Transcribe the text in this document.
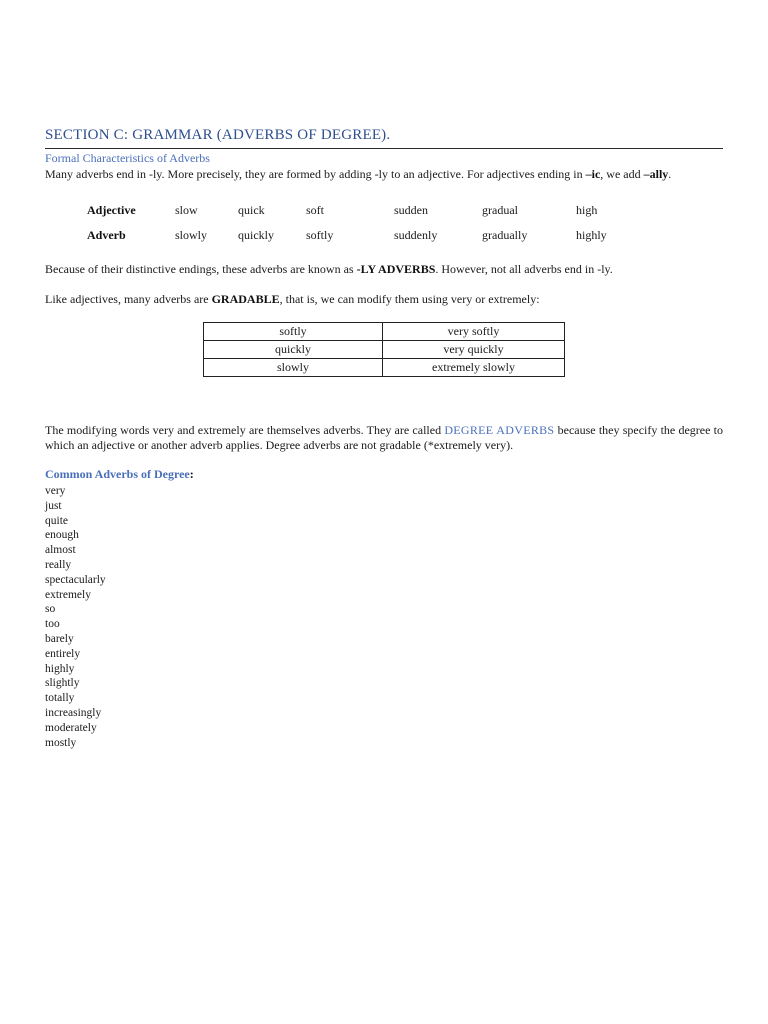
SECTION C: GRAMMAR (ADVERBS OF DEGREE).
Formal Characteristics of Adverbs
Many adverbs end in -ly. More precisely, they are formed by adding -ly to an adjective. For adjectives ending in –ic, we add –ally.
Adjective	slow	quick	soft	sudden	gradual	high
Adverb	slowly	quickly	softly	suddenly	gradually	highly
Because of their distinctive endings, these adverbs are known as -LY ADVERBS. However, not all adverbs end in -ly.
Like adjectives, many adverbs are GRADABLE, that is, we can modify them using very or extremely:
softly	very softly
quickly	very quickly
slowly	extremely slowly
The modifying words very and extremely are themselves adverbs. They are called DEGREE ADVERBS because they specify the degree to which an adjective or another adverb applies. Degree adverbs are not gradable (*extremely very).
Common Adverbs of Degree:
very
just
quite
enough
almost
really
spectacularly
extremely
so
too
barely
entirely
highly
slightly
totally
increasingly
moderately
mostly
